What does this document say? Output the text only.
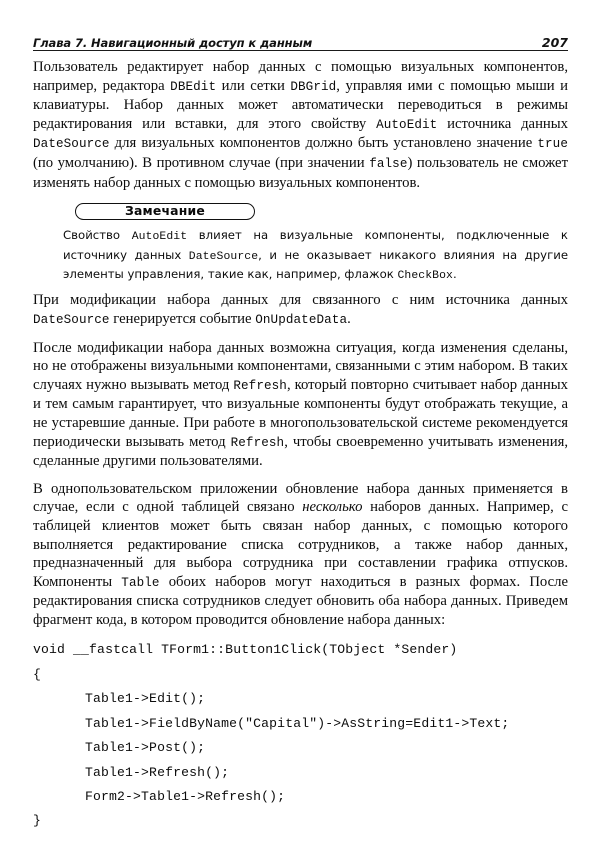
Глава 7. Навигационный доступ к данным	207

Пользователь редактирует набор данных с помощью визуальных компонентов, например, редактора DBEdit или сетки DBGrid, управляя ими с помощью мыши и клавиатуры. Набор данных может автоматически переводиться в режимы редактирования или вставки, для этого свойству AutoEdit источника данных DateSource для визуальных компонентов должно быть установлено значение true (по умолчанию). В противном случае (при значении false) пользователь не сможет изменять набор данных с помощью визуальных компонентов.

Замечание
Свойство AutoEdit влияет на визуальные компоненты, подключенные к источнику данных DateSource, и не оказывает никакого влияния на другие элементы управления, такие как, например, флажок CheckBox.

При модификации набора данных для связанного с ним источника данных DateSource генерируется событие OnUpdateData.

После модификации набора данных возможна ситуация, когда изменения сделаны, но не отображены визуальными компонентами, связанными с этим набором. В таких случаях нужно вызывать метод Refresh, который повторно считывает набор данных и тем самым гарантирует, что визуальные компоненты будут отображать текущие, а не устаревшие данные. При работе в многопользовательской системе рекомендуется периодически вызывать метод Refresh, чтобы своевременно учитывать изменения, сделанные другими пользователями.

В однопользовательском приложении обновление набора данных применяется в случае, если с одной таблицей связано несколько наборов данных. Например, с таблицей клиентов может быть связан набор данных, с помощью которого выполняется редактирование списка сотрудников, а также набор данных, предназначенный для выбора сотрудника при составлении графика отпусков. Компоненты Table обоих наборов могут находиться в разных формах. После редактирования списка сотрудников следует обновить оба набора данных. Приведем фрагмент кода, в котором проводится обновление набора данных:

void __fastcall TForm1::Button1Click(TObject *Sender)
{
Table1->Edit();
Table1->FieldByName("Capital")->AsString=Edit1->Text;
Table1->Post();
Table1->Refresh();
Form2->Table1->Refresh();
}
